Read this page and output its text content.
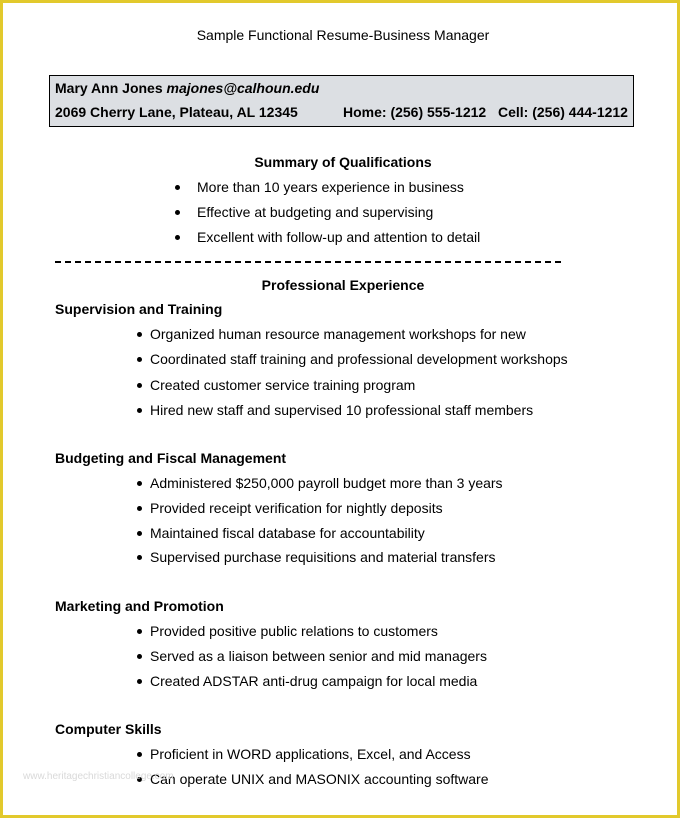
Sample Functional Resume-Business Manager
Mary Ann Jones majones@calhoun.edu
2069 Cherry Lane, Plateau, AL 12345	Home: (256) 555-1212 Cell: (256) 444-1212
Summary of Qualifications
More than 10 years experience in business
Effective at budgeting and supervising
Excellent with follow-up and attention to detail
Professional Experience
Supervision and Training
Organized human resource management workshops for new
Coordinated staff training and professional development workshops
Created customer service training program
Hired new staff and supervised 10 professional staff members
Budgeting and Fiscal Management
Administered $250,000 payroll budget more than 3 years
Provided receipt verification for nightly deposits
Maintained fiscal database for accountability
Supervised purchase requisitions and material transfers
Marketing and Promotion
Provided positive public relations to customers
Served as a liaison between senior and mid managers
Created ADSTAR anti-drug campaign for local media
Computer Skills
Proficient in WORD applications, Excel, and Access
Can operate UNIX and MASONIX accounting software
www.heritagechristiancollege.com
